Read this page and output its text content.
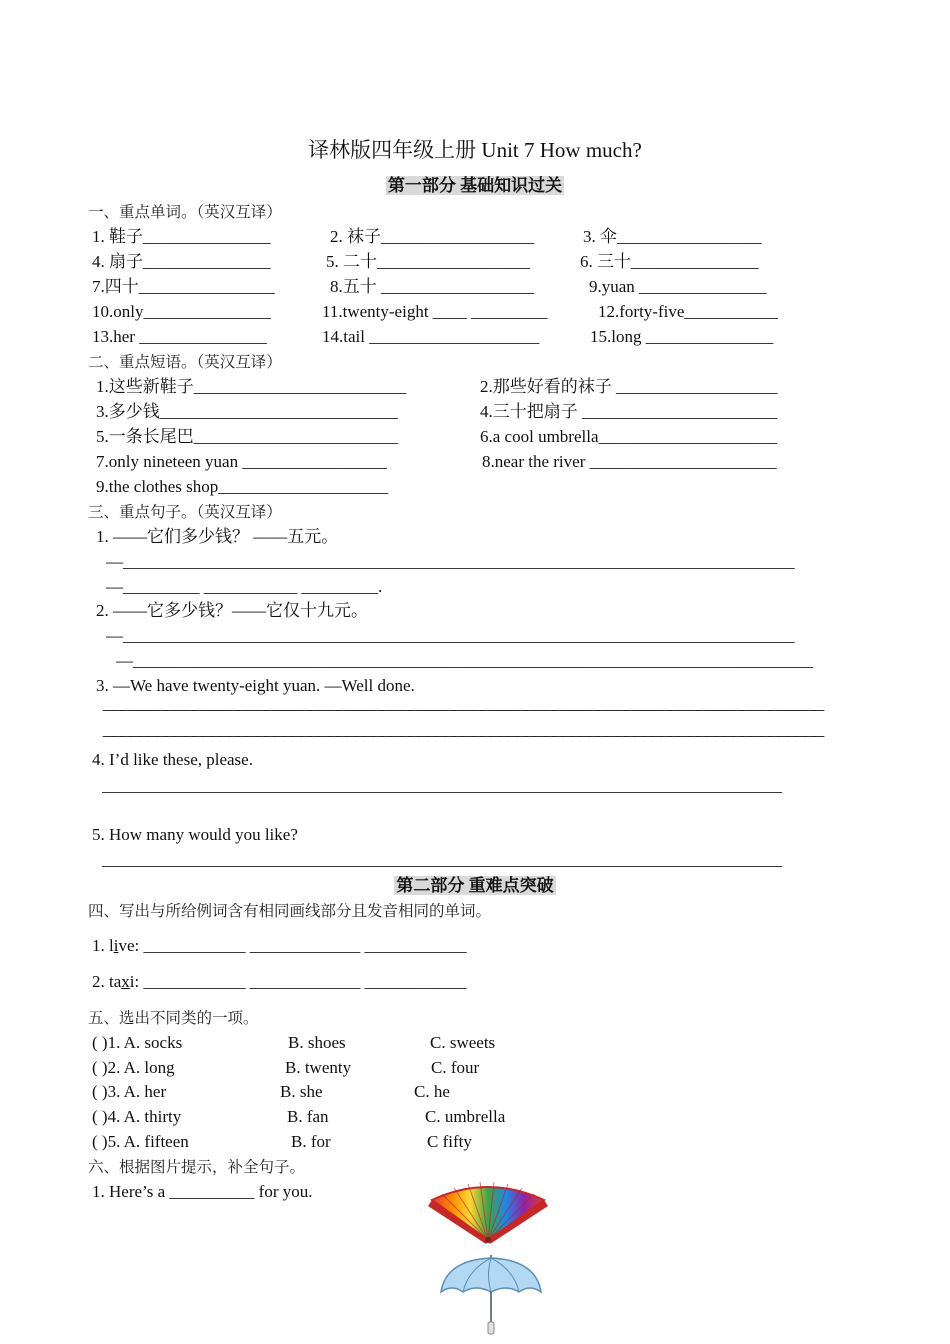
译林版四年级上册 Unit 7 How much?
第一部分 基础知识过关
一、重点单词。（英汉互译）
1. 鞋子_______________	2. 袜子__________________	3. 伞_________________
4. 扇子_______________	5. 二十__________________	6. 三十_______________
7.四十________________	8.五十 __________________	9.yuan _______________
10.only_______________	11.twenty-eight ____ _________	12.forty-five___________
13.her _______________	14.tail ____________________	15.long _______________
二、重点短语。（英汉互译）
1.这些新鞋子_________________________	2.那些好看的袜子 ___________________
3.多少钱____________________________	4.三十把扇子 _______________________
5.一条长尾巴________________________	6.a cool umbrella_____________________
7.only nineteen yuan _________________	8.near the river ______________________
9.the clothes shop____________________
三、重点句子。（英汉互译）
1. ——它们多少钱？ ——五元。
—_______________________________________________________________________________
—_________ ___________ _________.
2. ——它多少钱？——它仅十九元。
—_______________________________________________________________________________
—________________________________________________________________________________
3. —We have twenty-eight yuan. —Well done.
————————————————————————————————————————————————————————————————————————————————
————————————————————————————————————————————————————————————————————————————————
4. I’d like these, please.
________________________________________________________________________________
5. How many would you like?
________________________________________________________________________________
第二部分 重难点突破
四、写出与所给例词含有相同画线部分且发音相同的单词。
1. live: ____________ _____________ ____________
2. taxi: ____________ _____________ ____________
五、选出不同类的一项。
( )1. A. socks	B. shoes	C. sweets
( )2. A. long	B. twenty	C. four
( )3. A. her	B. she	C. he
( )4. A. thirty	B. fan	C. umbrella
( )5. A. fifteen	B. for	C fifty
六、根据图片提示，补全句子。
1. Here’s a __________ for you.
